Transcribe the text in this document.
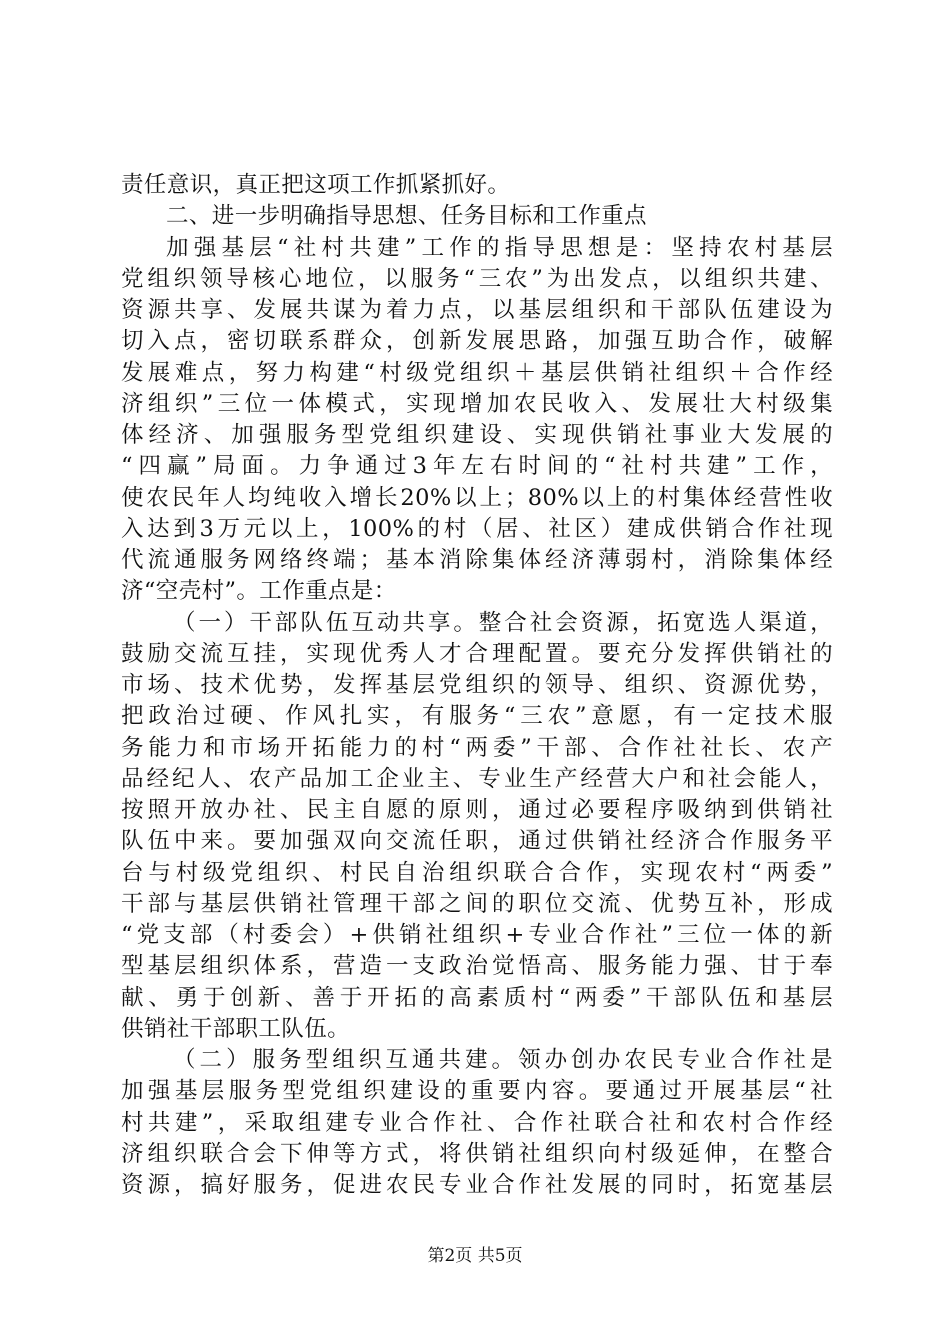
责任意识，真正把这项工作抓紧抓好。
二、进一步明确指导思想、任务目标和工作重点
加强基层“社村共建”工作的指导思想是：坚持农村基层
党组织领导核心地位，以服务“三农”为出发点，以组织共建、
资源共享、发展共谋为着力点，以基层组织和干部队伍建设为
切入点，密切联系群众，创新发展思路，加强互助合作，破解
发展难点，努力构建“村级党组织＋基层供销社组织＋合作经
济组织”三位一体模式，实现增加农民收入、发展壮大村级集
体经济、加强服务型党组织建设、实现供销社事业大发展的
“四赢”局面。力争通过3年左右时间的“社村共建”工作，
使农民年人均纯收入增长20%以上；80%以上的村集体经营性收
入达到3万元以上，100%的村（居、社区）建成供销合作社现
代流通服务网络终端；基本消除集体经济薄弱村，消除集体经
济“空壳村”。工作重点是：
（一）干部队伍互动共享。整合社会资源，拓宽选人渠道，
鼓励交流互挂，实现优秀人才合理配置。要充分发挥供销社的
市场、技术优势，发挥基层党组织的领导、组织、资源优势，
把政治过硬、作风扎实，有服务“三农”意愿，有一定技术服
务能力和市场开拓能力的村“两委”干部、合作社社长、农产
品经纪人、农产品加工企业主、专业生产经营大户和社会能人，
按照开放办社、民主自愿的原则，通过必要程序吸纳到供销社
队伍中来。要加强双向交流任职，通过供销社经济合作服务平
台与村级党组织、村民自治组织联合合作，实现农村“两委”
干部与基层供销社管理干部之间的职位交流、优势互补，形成
“党支部（村委会）+供销社组织+专业合作社”三位一体的新
型基层组织体系，营造一支政治觉悟高、服务能力强、甘于奉
献、勇于创新、善于开拓的高素质村“两委”干部队伍和基层
供销社干部职工队伍。
（二）服务型组织互通共建。领办创办农民专业合作社是
加强基层服务型党组织建设的重要内容。要通过开展基层“社
村共建”，采取组建专业合作社、合作社联合社和农村合作经
济组织联合会下伸等方式，将供销社组织向村级延伸，在整合
资源，搞好服务，促进农民专业合作社发展的同时，拓宽基层
第2页 共5页
